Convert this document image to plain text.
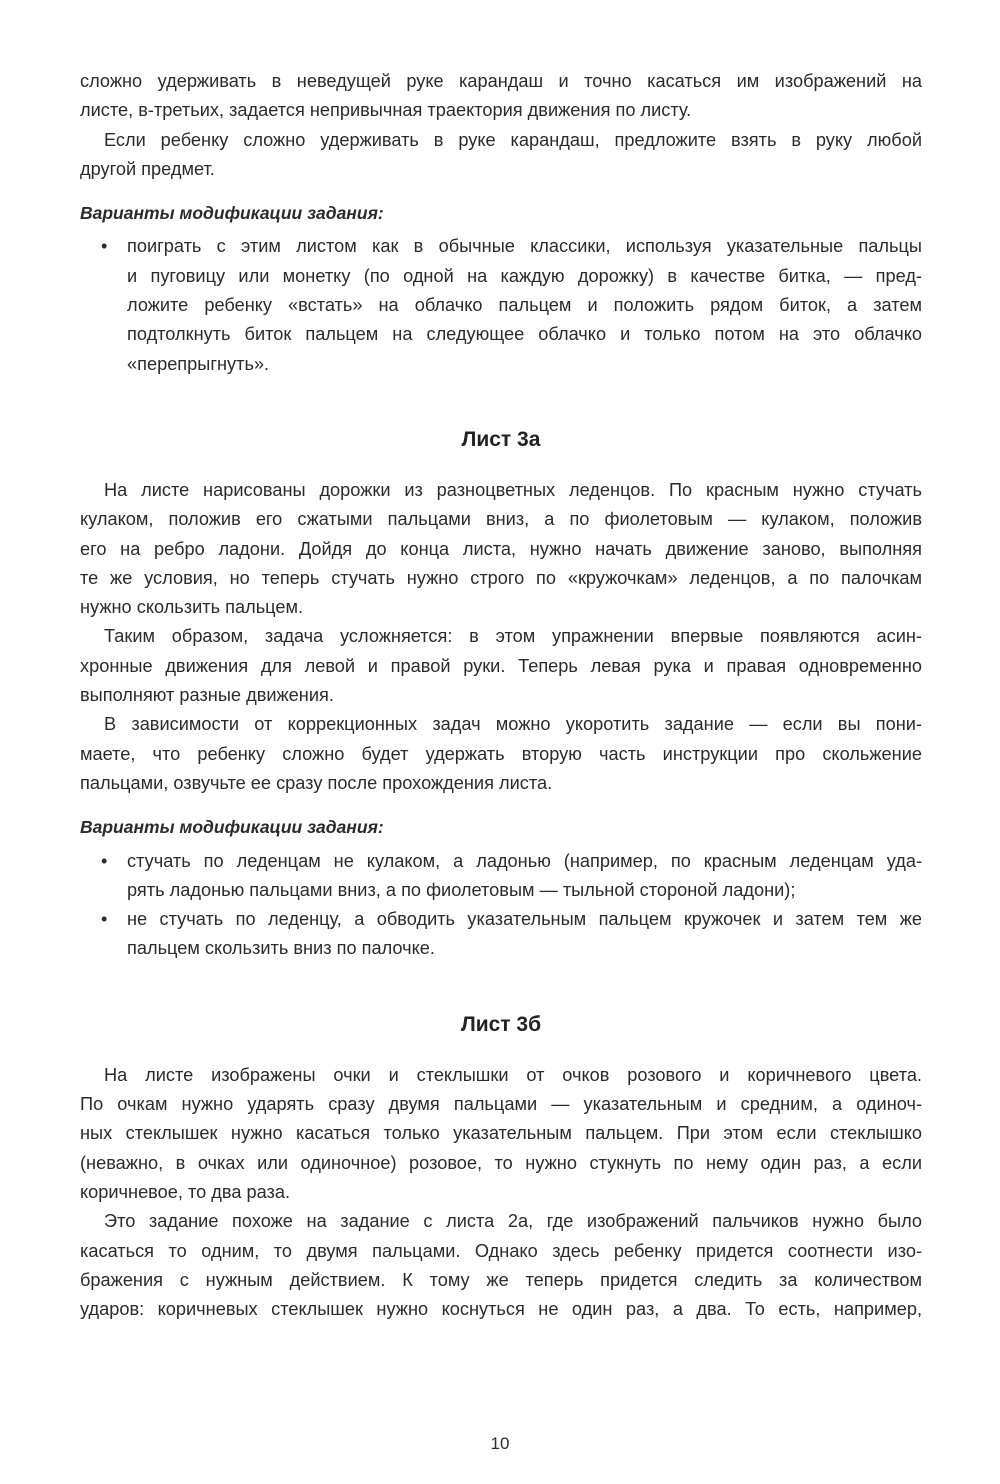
сложно удерживать в неведущей руке карандаш и точно касаться им изображений на
листе, в-третьих, задается непривычная траектория движения по листу.
Если ребенку сложно удерживать в руке карандаш, предложите взять в руку любой
другой предмет.
Варианты модификации задания:
• поиграть с этим листом как в обычные классики, используя указательные пальцы
и пуговицу или монетку (по одной на каждую дорожку) в качестве битка, — пред-
ложите ребенку «встать» на облачко пальцем и положить рядом биток, а затем
подтолкнуть биток пальцем на следующее облачко и только потом на это облачко
«перепрыгнуть».
Лист 3а
На листе нарисованы дорожки из разноцветных леденцов. По красным нужно стучать
кулаком, положив его сжатыми пальцами вниз, а по фиолетовым — кулаком, положив
его на ребро ладони. Дойдя до конца листа, нужно начать движение заново, выполняя
те же условия, но теперь стучать нужно строго по «кружочкам» леденцов, а по палочкам
нужно скользить пальцем.
Таким образом, задача усложняется: в этом упражнении впервые появляются асин-
хронные движения для левой и правой руки. Теперь левая рука и правая одновременно
выполняют разные движения.
В зависимости от коррекционных задач можно укоротить задание — если вы пони-
маете, что ребенку сложно будет удержать вторую часть инструкции про скольжение
пальцами, озвучьте ее сразу после прохождения листа.
Варианты модификации задания:
• стучать по леденцам не кулаком, а ладонью (например, по красным леденцам уда-
рять ладонью пальцами вниз, а по фиолетовым — тыльной стороной ладони);
• не стучать по леденцу, а обводить указательным пальцем кружочек и затем тем же
пальцем скользить вниз по палочке.
Лист 3б
На листе изображены очки и стеклышки от очков розового и коричневого цвета.
По очкам нужно ударять сразу двумя пальцами — указательным и средним, а одиноч-
ных стеклышек нужно касаться только указательным пальцем. При этом если стеклышко
(неважно, в очках или одиночное) розовое, то нужно стукнуть по нему один раз, а если
коричневое, то два раза.
Это задание похоже на задание с листа 2а, где изображений пальчиков нужно было
касаться то одним, то двумя пальцами. Однако здесь ребенку придется соотнести изо-
бражения с нужным действием. К тому же теперь придется следить за количеством
ударов: коричневых стеклышек нужно коснуться не один раз, а два. То есть, например,
10
